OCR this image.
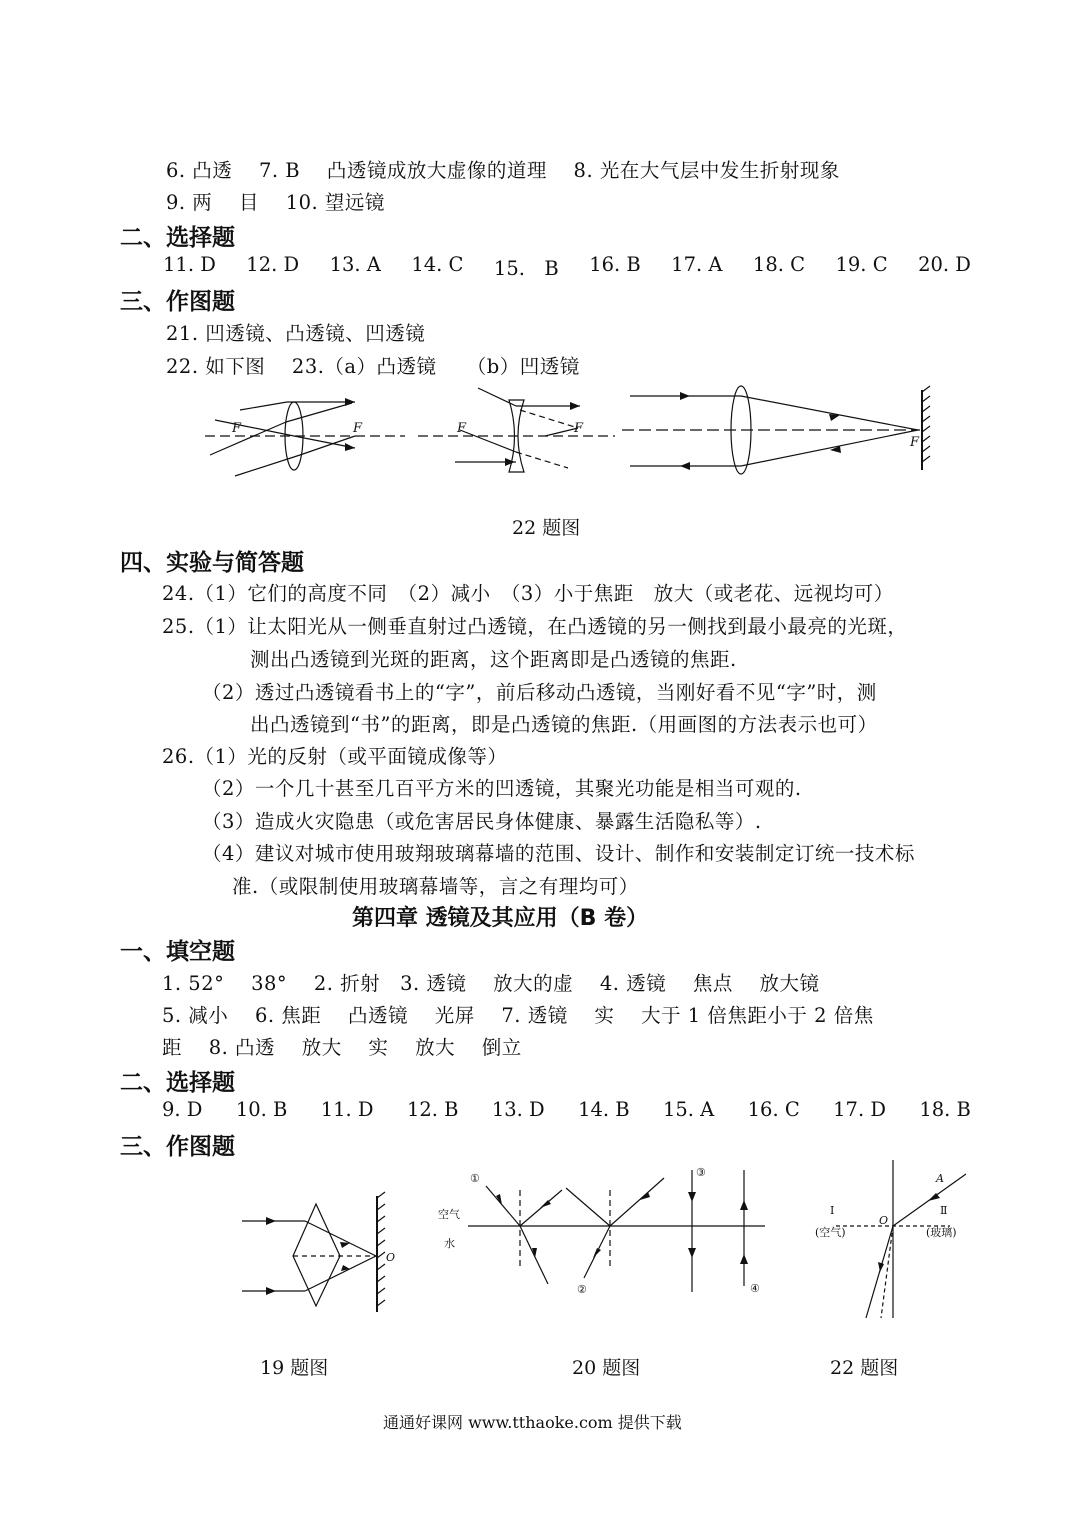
6. 凸透　 7. B　 凸透镜成放大虚像的道理　 8. 光在大气层中发生折射现象
9. 两　 目　 10. 望远镜
二、选择题
11. D 12. D 13. A 14. C 15.　B 16. B 17. A 18. C 19. C 20. D
三、作图题
21. 凹透镜、凸透镜、凹透镜
22. 如下图　 23.（a）凸透镜　　（b）凹透镜
F	F	F	F
F
22 题图
四、实验与简答题
24.（1）它们的高度不同　（2）减小　（3）小于焦距　放大（或老花、远视均可）
25.（1）让太阳光从一侧垂直射过凸透镜，在凸透镜的另一侧找到最小最亮的光斑，
测出凸透镜到光斑的距离，这个距离即是凸透镜的焦距.
（2）透过凸透镜看书上的“字”，前后移动凸透镜，当刚好看不见“字”时，测
出凸透镜到“书”的距离，即是凸透镜的焦距.（用画图的方法表示也可）
26.（1）光的反射（或平面镜成像等）
（2）一个几十甚至几百平方米的凹透镜，其聚光功能是相当可观的.
（3）造成火灾隐患（或危害居民身体健康、暴露生活隐私等）.
（4）建议对城市使用玻翔玻璃幕墙的范围、设计、制作和安装制定订统一技术标
准.（或限制使用玻璃幕墙等，言之有理均可）
第四章 透镜及其应用（B 卷）
一、填空题
1. 52°　 38°　 2. 折射　3. 透镜　 放大的虚　 4. 透镜　 焦点　 放大镜
5. 减小　 6. 焦距　 凸透镜　 光屏　 7. 透镜　 实　 大于 1 倍焦距小于 2 倍焦
距　 8. 凸透　 放大　 实　 放大　 倒立
二、选择题
9. D 10. B 11. D 12. B 13. D 14. B 15. A 16. C 17. D 18. B
三、作图题
O
空气
水
①
②
③
④
A
O
Ⅰ	Ⅱ
(空气)	(玻璃)
19 题图	20 题图	22 题图
通通好课网 www.tthaoke.com 提供下载
